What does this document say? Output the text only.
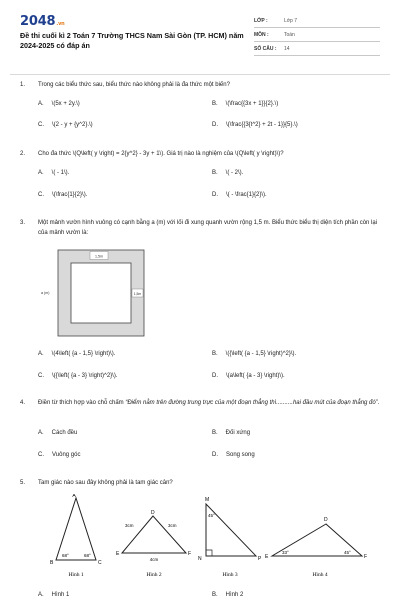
2048.vn
Đề thi cuối kì 2 Toán 7 Trường THCS Nam Sài Gòn (TP. HCM) năm 2024-2025 có đáp án
LỚP :	Lớp 7
MÔN :	Toán
SỐ CÂU : 14
1. Trong các biểu thức sau, biểu thức nào không phải là đa thức một biến?
A. \(5x + 2y.\)	B. \(\frac{{3x + 1}}{2}.\)
C. \(2 - y + {y^2}.\)	D. \(\frac{{3{t^2} + 2t - 1}}{5}.\)
2. Cho đa thức \(Q\left( y \right) = 2{y^2} - 3y + 1\). Giá trị nào là nghiệm của \(Q\left( y \right)\)?
A. \( - 1\).	B. \( - 2\).
C. \(\frac{1}{2}\).	D. \( - \frac{1}{2}\).
3. Một mảnh vườn hình vuông có cạnh bằng a (m) với lối đi xung quanh vườn rộng 1,5 m. Biểu thức biểu thị diện tích phần còn lại của mảnh vườn là:
1,5m
a (m)	1,5m
A. \(4\left( {a - 1,5} \right)\).	B. \({\left( {a - 1,5} \right)^2}\).
C. \({\left( {a - 3} \right)^2}\).	D. \(a\left( {a - 3} \right)\).
4. Điền từ thích hợp vào chỗ chấm “Điểm nằm trên đường trung trực của một đoạn thẳng thì..........hai đầu mút của đoạn thẳng đó”.
A. Cách đều	B. Đối xứng
C. Vuông góc	D. Song song
5. Tam giác nào sau đây không phải là tam giác cân?
A
B	C
68°	68°
Hình 1
D
E	F
3cm	3cm
4cm
Hình 2
M
N	P
45°
Hình 3
D
E	F
33°	45°
Hình 4
A. Hình 1	B. Hình 2
